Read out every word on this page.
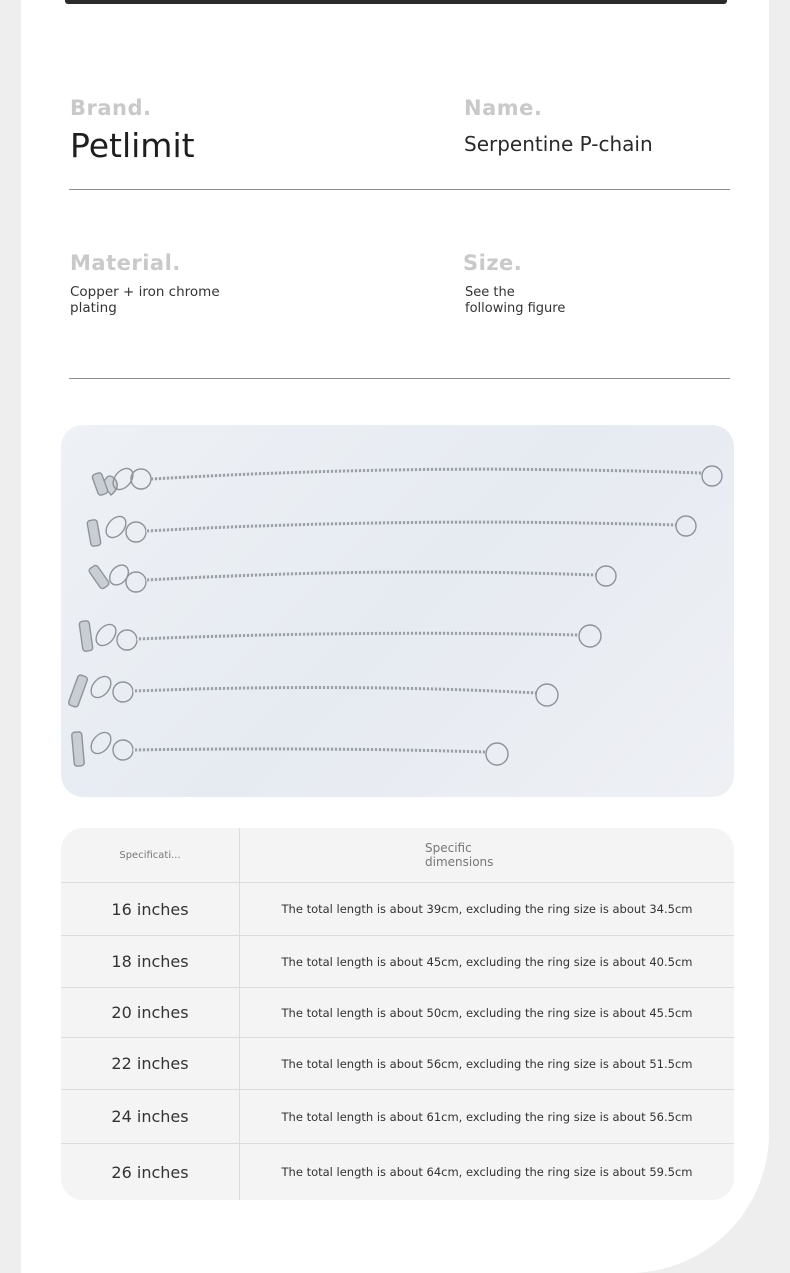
Brand.
Petlimit
Name.
Serpentine P-chain
Material.
Copper + iron chrome
plating
Size.
See the
following figure
Specificati...	Specific dimensions
16 inches	The total length is about 39cm, excluding the ring size is about 34.5cm
18 inches	The total length is about 45cm, excluding the ring size is about 40.5cm
20 inches	The total length is about 50cm, excluding the ring size is about 45.5cm
22 inches	The total length is about 56cm, excluding the ring size is about 51.5cm
24 inches	The total length is about 61cm, excluding the ring size is about 56.5cm
26 inches	The total length is about 64cm, excluding the ring size is about 59.5cm
